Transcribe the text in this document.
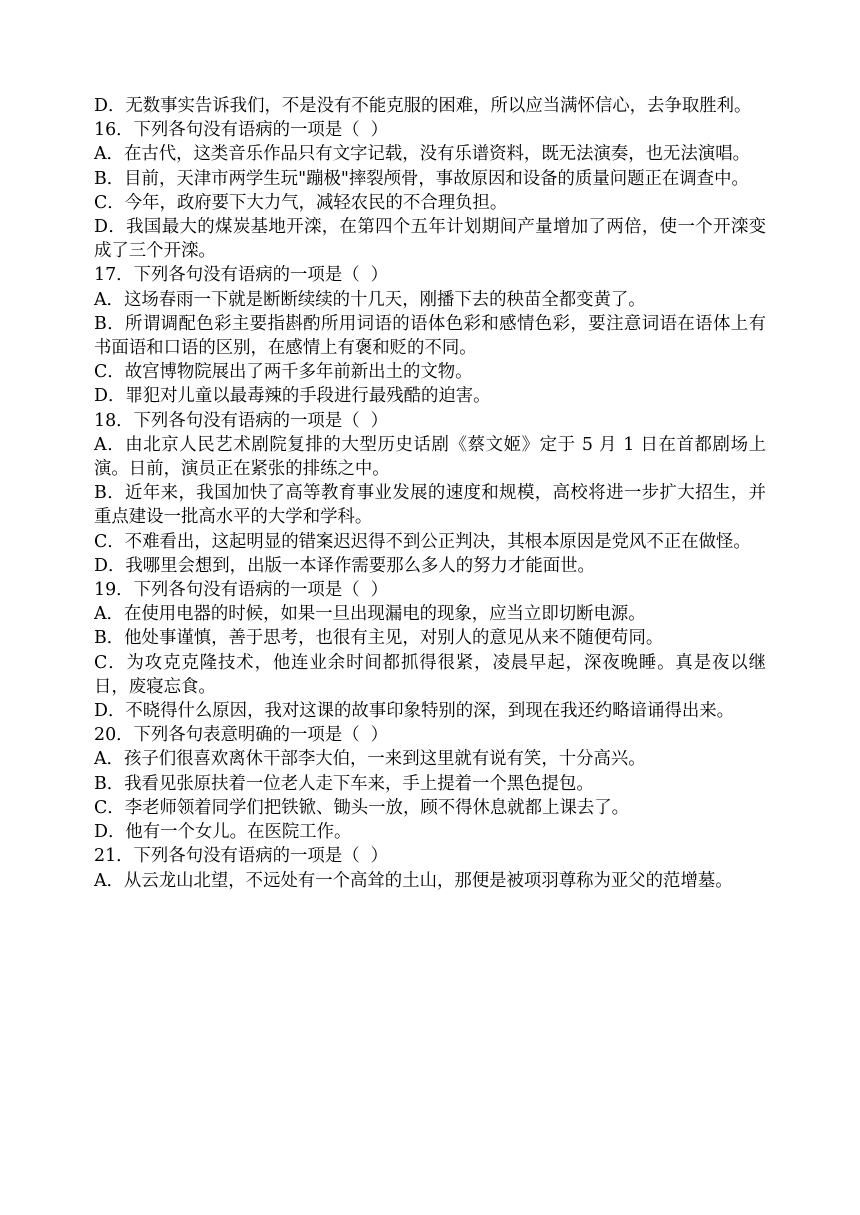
D．无数事实告诉我们，不是没有不能克服的困难，所以应当满怀信心，去争取胜利。
16．下列各句没有语病的一项是（  ）
A．在古代，这类音乐作品只有文字记载，没有乐谱资料，既无法演奏，也无法演唱。
B．目前，天津市两学生玩"蹦极"摔裂颅骨，事故原因和设备的质量问题正在调查中。
C．今年，政府要下大力气，减轻农民的不合理负担。
D．我国最大的煤炭基地开滦，在第四个五年计划期间产量增加了两倍，使一个开滦变成了三个开滦。
17．下列各句没有语病的一项是（  ）
A．这场春雨一下就是断断续续的十几天，刚播下去的秧苗全都变黄了。
B．所谓调配色彩主要指斟酌所用词语的语体色彩和感情色彩，要注意词语在语体上有书面语和口语的区别，在感情上有褒和贬的不同。
C．故宫博物院展出了两千多年前新出土的文物。
D．罪犯对儿童以最毒辣的手段进行最残酷的迫害。
18．下列各句没有语病的一项是（  ）
A．由北京人民艺术剧院复排的大型历史话剧《蔡文姬》定于 5 月 1 日在首都剧场上演。日前，演员正在紧张的排练之中。
B．近年来，我国加快了高等教育事业发展的速度和规模，高校将进一步扩大招生，并重点建设一批高水平的大学和学科。
C．不难看出，这起明显的错案迟迟得不到公正判决，其根本原因是党风不正在做怪。
D．我哪里会想到，出版一本译作需要那么多人的努力才能面世。
19．下列各句没有语病的一项是（  ）
A．在使用电器的时候，如果一旦出现漏电的现象，应当立即切断电源。
B．他处事谨慎，善于思考，也很有主见，对别人的意见从来不随便苟同。
C．为攻克克隆技术，他连业余时间都抓得很紧，凌晨早起，深夜晚睡。真是夜以继日，废寝忘食。
D．不晓得什么原因，我对这课的故事印象特别的深，到现在我还约略谙诵得出来。
20．下列各句表意明确的一项是（  ）
A．孩子们很喜欢离休干部李大伯，一来到这里就有说有笑，十分高兴。
B．我看见张原扶着一位老人走下车来，手上提着一个黑色提包。
C．李老师领着同学们把铁锨、锄头一放，顾不得休息就都上课去了。
D．他有一个女儿。在医院工作。
21．下列各句没有语病的一项是（  ）
A．从云龙山北望，不远处有一个高耸的土山，那便是被项羽尊称为亚父的范增墓。
